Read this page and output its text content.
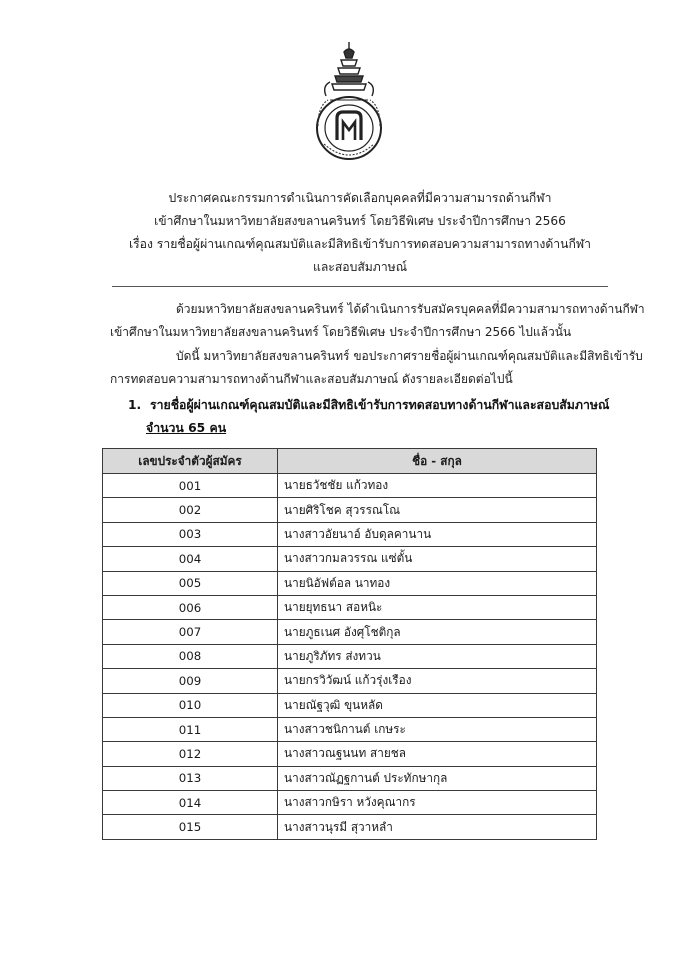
ประกาศคณะกรรมการดำเนินการคัดเลือกบุคคลที่มีความสามารถด้านกีฬา
เข้าศึกษาในมหาวิทยาลัยสงขลานครินทร์ โดยวิธีพิเศษ ประจำปีการศึกษา 2566
เรื่อง รายชื่อผู้ผ่านเกณฑ์คุณสมบัติและมีสิทธิเข้ารับการทดสอบความสามารถทางด้านกีฬา
และสอบสัมภาษณ์
ด้วยมหาวิทยาลัยสงขลานครินทร์ ได้ดำเนินการรับสมัครบุคคลที่มีความสามารถทางด้านกีฬา
เข้าศึกษาในมหาวิทยาลัยสงขลานครินทร์ โดยวิธีพิเศษ ประจำปีการศึกษา 2566 ไปแล้วนั้น
บัดนี้ มหาวิทยาลัยสงขลานครินทร์ ขอประกาศรายชื่อผู้ผ่านเกณฑ์คุณสมบัติและมีสิทธิเข้ารับ
การทดสอบความสามารถทางด้านกีฬาและสอบสัมภาษณ์ ดังรายละเอียดต่อไปนี้
1. รายชื่อผู้ผ่านเกณฑ์คุณสมบัติและมีสิทธิเข้ารับการทดสอบทางด้านกีฬาและสอบสัมภาษณ์
จำนวน 65 คน
เลขประจำตัวผู้สมัคร	ชื่อ - สกุล
001	นายธวัชชัย แก้วทอง
002	นายศิริโชค สุวรรณโณ
003	นางสาวอัยนาอ์ อับดุลคานาน
004	นางสาวกมลวรรณ แซ่ตั้น
005	นายนิอัฟต์อล นาทอง
006	นายยุทธนา สอหนิะ
007	นายภูธเนศ อังศุโชติกุล
008	นายภูริภัทร ส่งทวน
009	นายกรวิวัฒน์ แก้วรุ่งเรือง
010	นายณัฐวุฒิ ขุนหลัด
011	นางสาวชนิกานต์ เกษระ
012	นางสาวณฐนนท สายชล
013	นางสาวณัฏฐกานต์ ประทักษากุล
014	นางสาวกษิรา หวังคุณากร
015	นางสาวนุรมี สุวาหลำ
